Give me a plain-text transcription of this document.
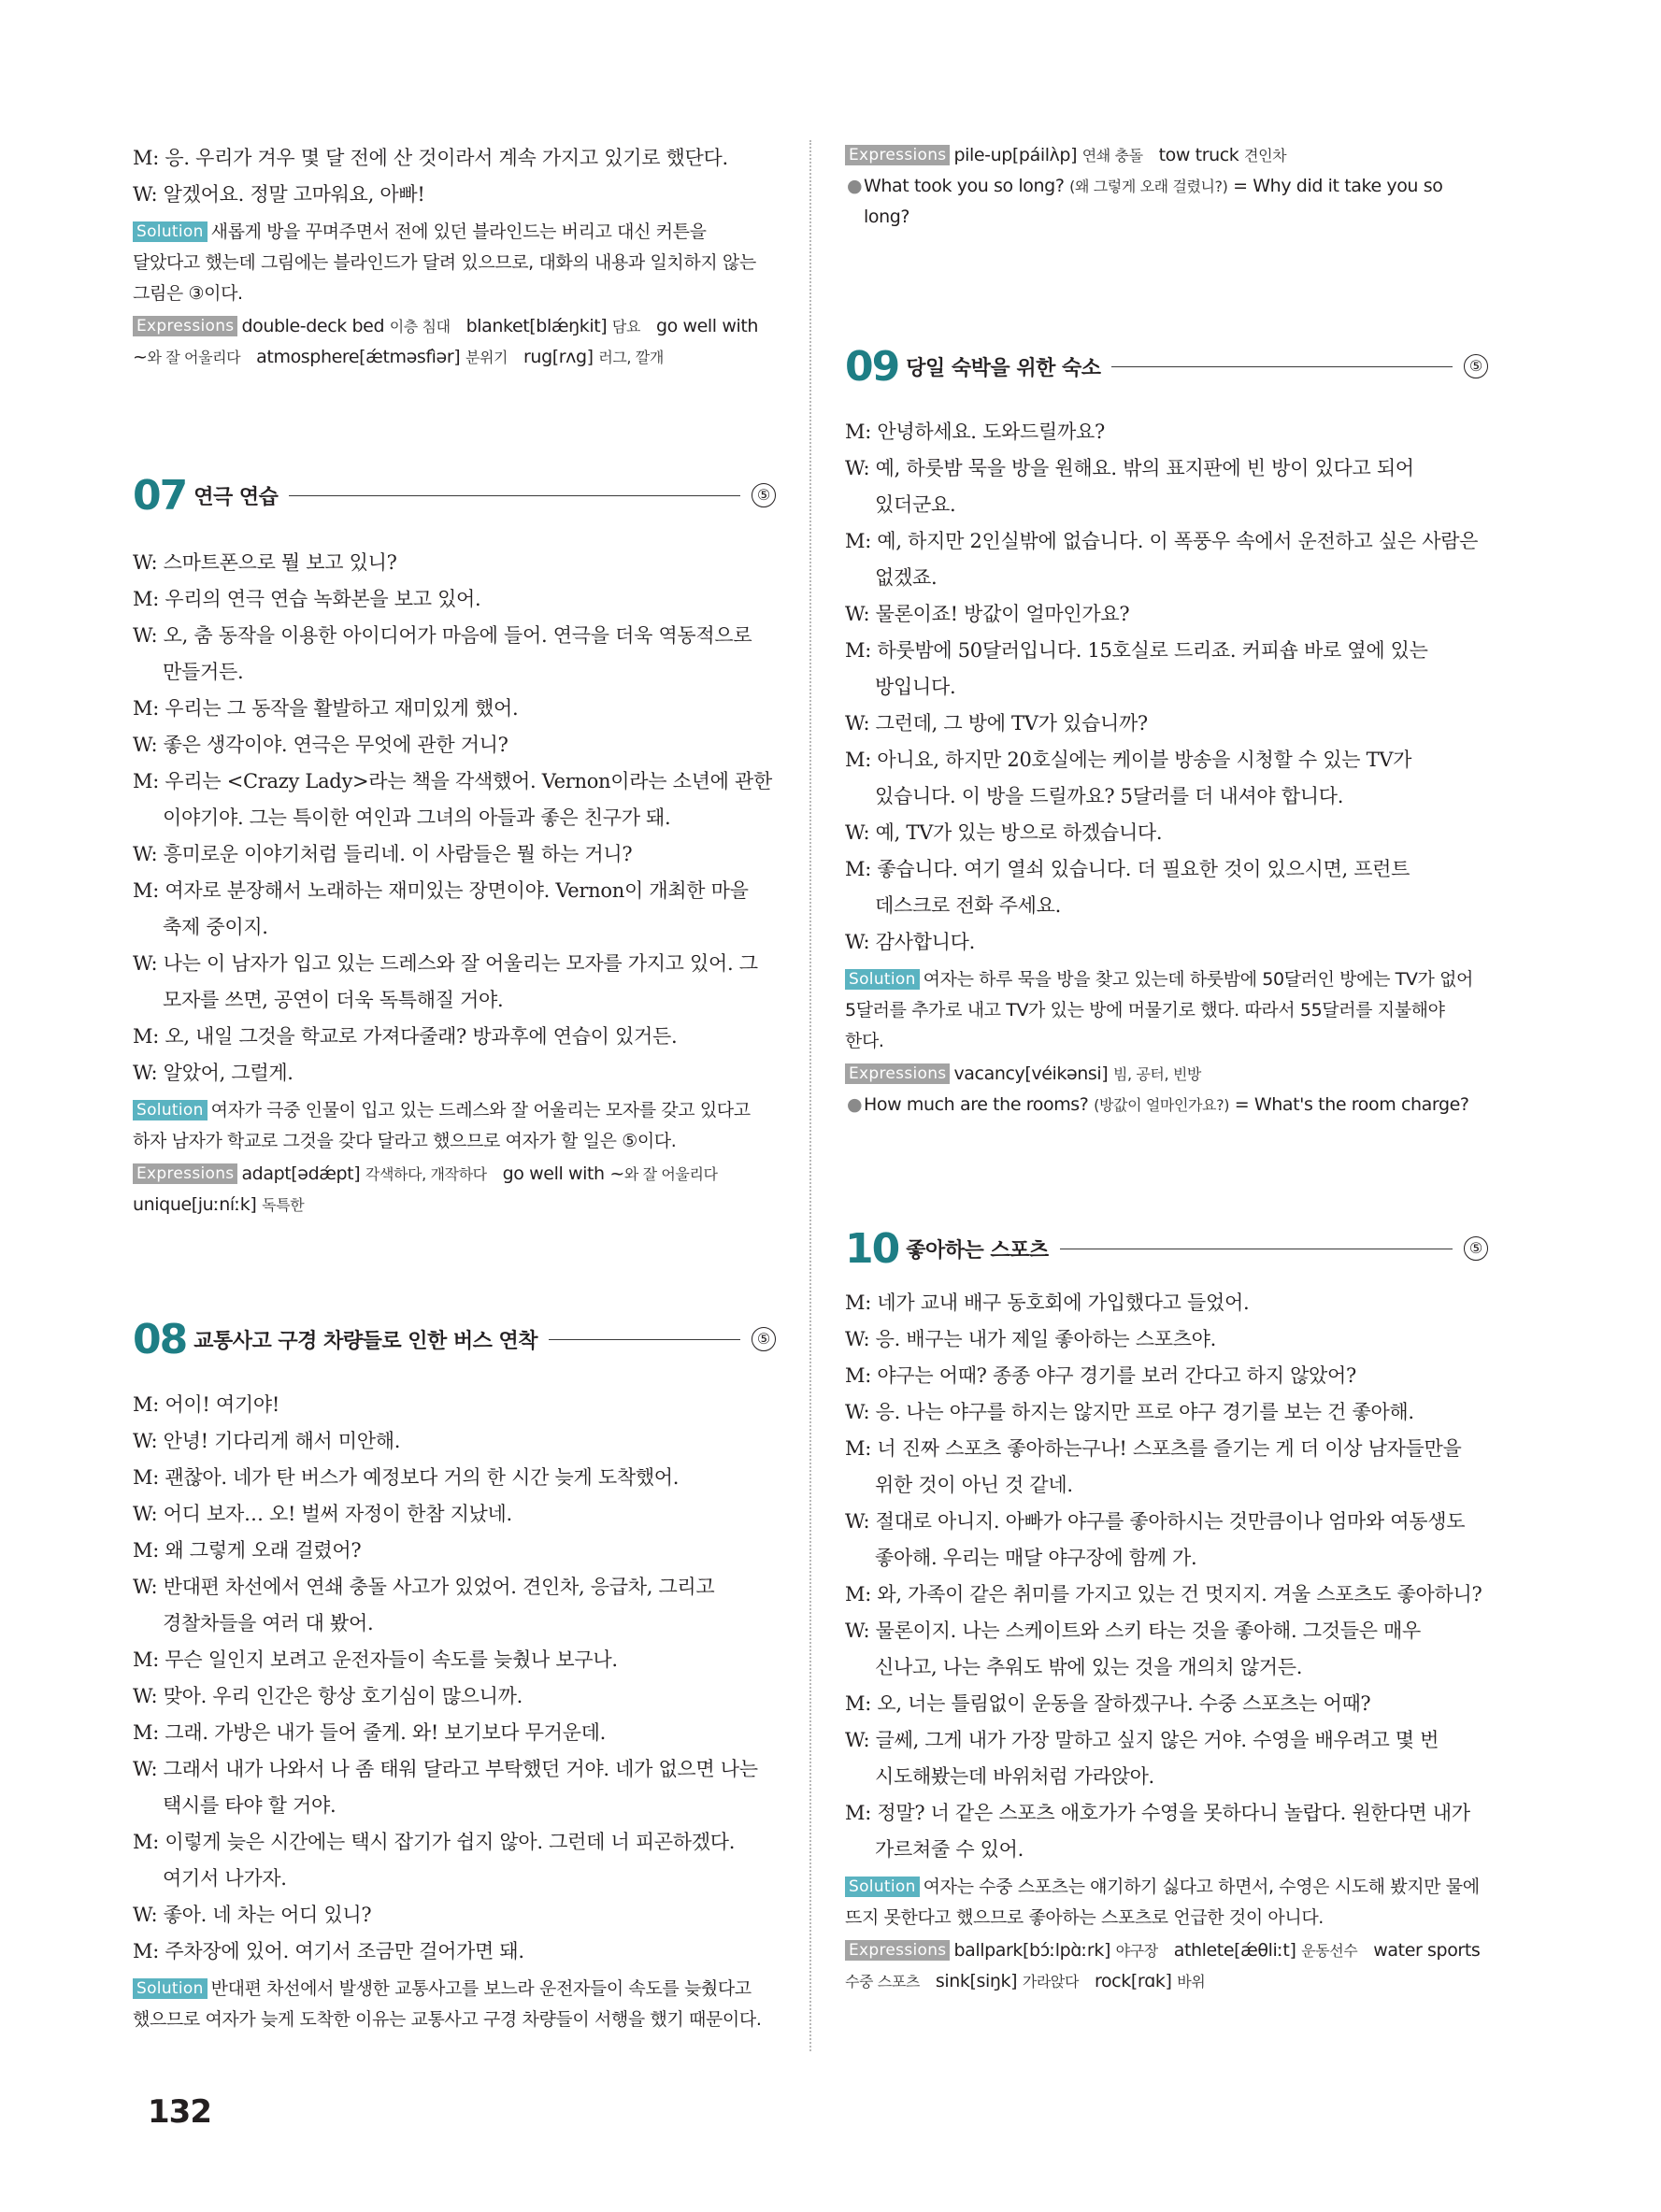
M: 응. 우리가 겨우 몇 달 전에 산 것이라서 계속 가지고 있기로 했단다.
W: 알겠어요. 정말 고마워요, 아빠!
Solution 새롭게 방을 꾸며주면서 전에 있던 블라인드는 버리고 대신 커튼을 달았다고 했는데 그림에는 블라인드가 달려 있으므로, 대화의 내용과 일치하지 않는 그림은 ③이다.
Expressions double-deck bed 이층 침대 blanket[blǽŋkit] 담요 go well with ~와 잘 어울리다 atmosphere[ǽtməsfìər] 분위기 rug[rʌg] 러그, 깔개
07 연극 연습	⑤
W: 스마트폰으로 뭘 보고 있니?
M: 우리의 연극 연습 녹화본을 보고 있어.
W: 오, 춤 동작을 이용한 아이디어가 마음에 들어. 연극을 더욱 역동적으로 만들거든.
M: 우리는 그 동작을 활발하고 재미있게 했어.
W: 좋은 생각이야. 연극은 무엇에 관한 거니?
M: 우리는 <Crazy Lady>라는 책을 각색했어. Vernon이라는 소년에 관한 이야기야. 그는 특이한 여인과 그녀의 아들과 좋은 친구가 돼.
W: 흥미로운 이야기처럼 들리네. 이 사람들은 뭘 하는 거니?
M: 여자로 분장해서 노래하는 재미있는 장면이야. Vernon이 개최한 마을 축제 중이지.
W: 나는 이 남자가 입고 있는 드레스와 잘 어울리는 모자를 가지고 있어. 그 모자를 쓰면, 공연이 더욱 독특해질 거야.
M: 오, 내일 그것을 학교로 가져다줄래? 방과후에 연습이 있거든.
W: 알았어, 그럴게.
Solution 여자가 극중 인물이 입고 있는 드레스와 잘 어울리는 모자를 갖고 있다고 하자 남자가 학교로 그것을 갖다 달라고 했으므로 여자가 할 일은 ⑤이다.
Expressions adapt[ədǽpt] 각색하다, 개작하다 go well with ~와 잘 어울리다 unique[juːníːk] 독특한
08 교통사고 구경 차량들로 인한 버스 연착	⑤
M: 어이! 여기야!
W: 안녕! 기다리게 해서 미안해.
M: 괜찮아. 네가 탄 버스가 예정보다 거의 한 시간 늦게 도착했어.
W: 어디 보자… 오! 벌써 자정이 한참 지났네.
M: 왜 그렇게 오래 걸렸어?
W: 반대편 차선에서 연쇄 충돌 사고가 있었어. 견인차, 응급차, 그리고 경찰차들을 여러 대 봤어.
M: 무슨 일인지 보려고 운전자들이 속도를 늦췄나 보구나.
W: 맞아. 우리 인간은 항상 호기심이 많으니까.
M: 그래. 가방은 내가 들어 줄게. 와! 보기보다 무거운데.
W: 그래서 내가 나와서 나 좀 태워 달라고 부탁했던 거야. 네가 없으면 나는 택시를 타야 할 거야.
M: 이렇게 늦은 시간에는 택시 잡기가 쉽지 않아. 그런데 너 피곤하겠다. 여기서 나가자.
W: 좋아. 네 차는 어디 있니?
M: 주차장에 있어. 여기서 조금만 걸어가면 돼.
Solution 반대편 차선에서 발생한 교통사고를 보느라 운전자들이 속도를 늦췄다고 했으므로 여자가 늦게 도착한 이유는 교통사고 구경 차량들이 서행을 했기 때문이다.
Expressions pile-up[páilʌ̀p] 연쇄 충돌 tow truck 견인차
● What took you so long? (왜 그렇게 오래 걸렸니?) = Why did it take you so long?
09 당일 숙박을 위한 숙소	⑤
M: 안녕하세요. 도와드릴까요?
W: 예, 하룻밤 묵을 방을 원해요. 밖의 표지판에 빈 방이 있다고 되어 있더군요.
M: 예, 하지만 2인실밖에 없습니다. 이 폭풍우 속에서 운전하고 싶은 사람은 없겠죠.
W: 물론이죠! 방값이 얼마인가요?
M: 하룻밤에 50달러입니다. 15호실로 드리죠. 커피숍 바로 옆에 있는 방입니다.
W: 그런데, 그 방에 TV가 있습니까?
M: 아니요, 하지만 20호실에는 케이블 방송을 시청할 수 있는 TV가 있습니다. 이 방을 드릴까요? 5달러를 더 내셔야 합니다.
W: 예, TV가 있는 방으로 하겠습니다.
M: 좋습니다. 여기 열쇠 있습니다. 더 필요한 것이 있으시면, 프런트 데스크로 전화 주세요.
W: 감사합니다.
Solution 여자는 하루 묵을 방을 찾고 있는데 하룻밤에 50달러인 방에는 TV가 없어 5달러를 추가로 내고 TV가 있는 방에 머물기로 했다. 따라서 55달러를 지불해야 한다.
Expressions vacancy[véikənsi] 빔, 공터, 빈방
● How much are the rooms? (방값이 얼마인가요?) = What's the room charge?
10 좋아하는 스포츠	⑤
M: 네가 교내 배구 동호회에 가입했다고 들었어.
W: 응. 배구는 내가 제일 좋아하는 스포츠야.
M: 야구는 어때? 종종 야구 경기를 보러 간다고 하지 않았어?
W: 응. 나는 야구를 하지는 않지만 프로 야구 경기를 보는 건 좋아해.
M: 너 진짜 스포츠 좋아하는구나! 스포츠를 즐기는 게 더 이상 남자들만을 위한 것이 아닌 것 같네.
W: 절대로 아니지. 아빠가 야구를 좋아하시는 것만큼이나 엄마와 여동생도 좋아해. 우리는 매달 야구장에 함께 가.
M: 와, 가족이 같은 취미를 가지고 있는 건 멋지지. 겨울 스포츠도 좋아하니?
W: 물론이지. 나는 스케이트와 스키 타는 것을 좋아해. 그것들은 매우 신나고, 나는 추워도 밖에 있는 것을 개의치 않거든.
M: 오, 너는 틀림없이 운동을 잘하겠구나. 수중 스포츠는 어때?
W: 글쎄, 그게 내가 가장 말하고 싶지 않은 거야. 수영을 배우려고 몇 번 시도해봤는데 바위처럼 가라앉아.
M: 정말? 너 같은 스포츠 애호가가 수영을 못하다니 놀랍다. 원한다면 내가 가르쳐줄 수 있어.
Solution 여자는 수중 스포츠는 얘기하기 싫다고 하면서, 수영은 시도해 봤지만 물에 뜨지 못한다고 했으므로 좋아하는 스포츠로 언급한 것이 아니다.
Expressions ballpark[bɔ́ːlpɑ̀ːrk] 야구장 athlete[ǽθliːt] 운동선수 water sports 수중 스포츠 sink[siŋk] 가라앉다 rock[rɑk] 바위
132
